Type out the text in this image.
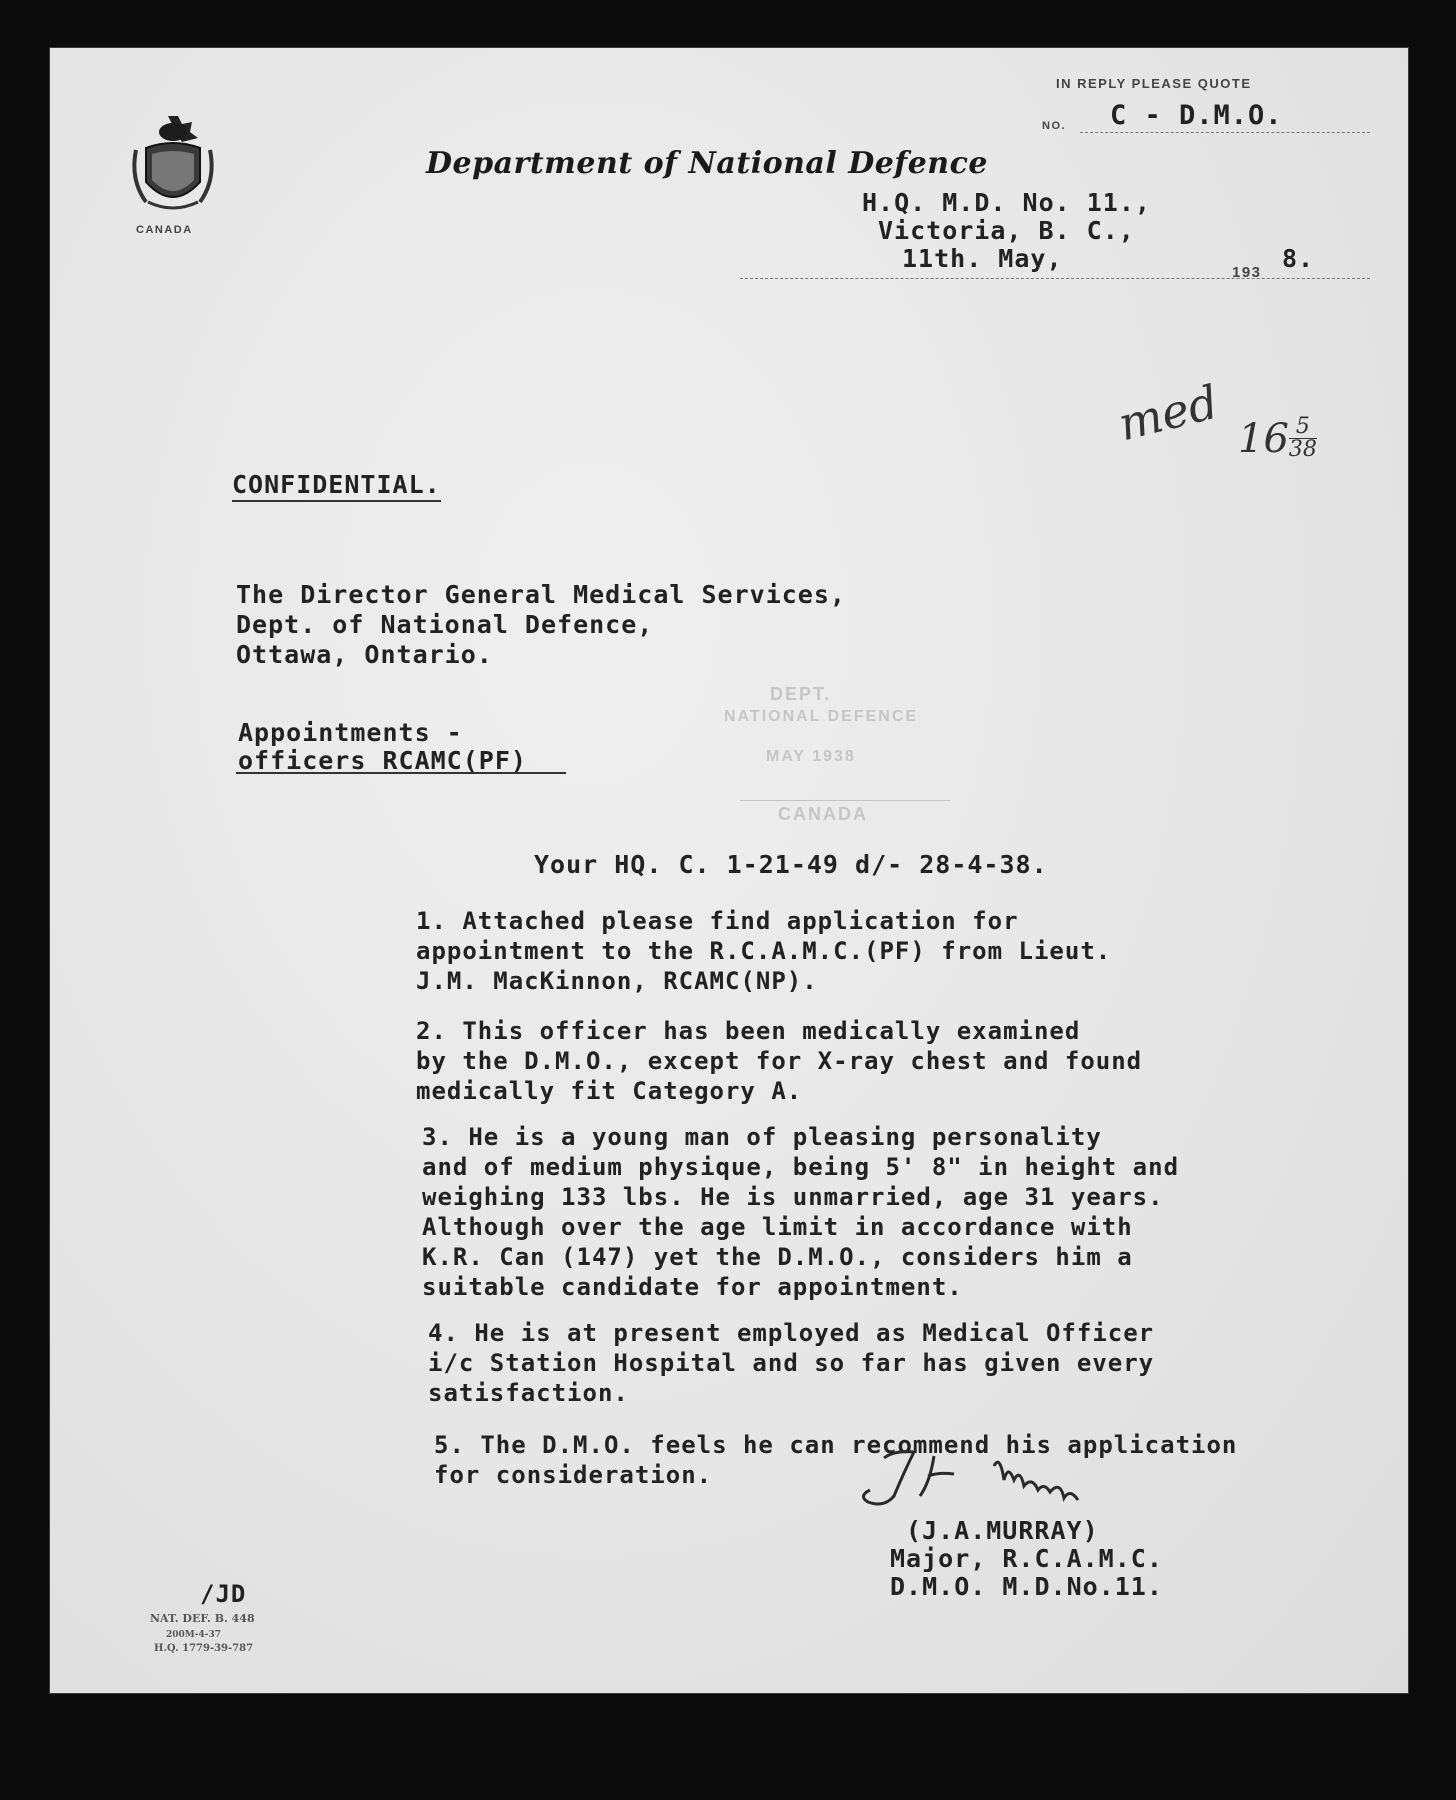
CANADA
IN REPLY PLEASE QUOTE
NO. C - D.M.O.
Department of National Defence
H.Q. M.D. No. 11.,
Victoria, B. C.,
11th. May,	193 8.
med $16 \frac{5}{38}$
CONFIDENTIAL.
The Director General Medical Services,
Dept. of National Defence,
Ottawa, Ontario.
Appointments -
officers RCAMC(PF)
DEPT.
NATIONAL DEFENCE
MAY 1938
CANADA
Your HQ. C. 1-21-49 d/- 28-4-38.
1. Attached please find application for
appointment to the R.C.A.M.C.(PF) from Lieut.
J.M. MacKinnon, RCAMC(NP).
2. This officer has been medically examined
by the D.M.O., except for X-ray chest and found
medically fit Category A.
3. He is a young man of pleasing personality
and of medium physique, being 5' 8" in height and
weighing 133 lbs. He is unmarried, age 31 years.
Although over the age limit in accordance with
K.R. Can (147) yet the D.M.O., considers him a
suitable candidate for appointment.
4. He is at present employed as Medical Officer
i/c Station Hospital and so far has given every
satisfaction.
5. The D.M.O. feels he can recommend his application
for consideration.
(J.A.MURRAY)
Major, R.C.A.M.C.
D.M.O. M.D.No.11.
/JD
NAT. DEF. B. 448
200M-4-37
H.Q. 1779-39-787
